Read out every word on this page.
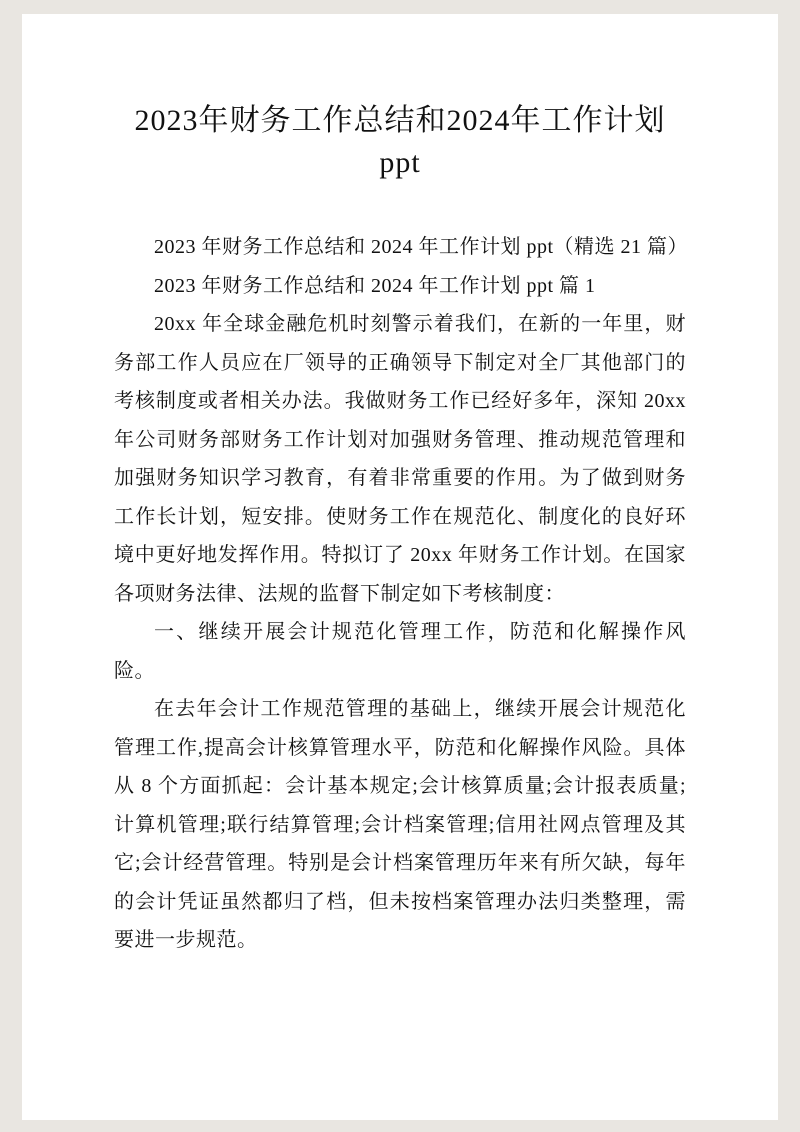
2023年财务工作总结和2024年工作计划
ppt

2023 年财务工作总结和 2024 年工作计划 ppt（精选 21 篇）

2023 年财务工作总结和 2024 年工作计划 ppt 篇 1

20xx 年全球金融危机时刻警示着我们，在新的一年里，财务部工作人员应在厂领导的正确领导下制定对全厂其他部门的考核制度或者相关办法。我做财务工作已经好多年，深知 20xx 年公司财务部财务工作计划对加强财务管理、推动规范管理和加强财务知识学习教育，有着非常重要的作用。为了做到财务工作长计划，短安排。使财务工作在规范化、制度化的良好环境中更好地发挥作用。特拟订了 20xx 年财务工作计划。在国家各项财务法律、法规的监督下制定如下考核制度：

一、继续开展会计规范化管理工作，防范和化解操作风险。

在去年会计工作规范管理的基础上，继续开展会计规范化管理工作,提高会计核算管理水平，防范和化解操作风险。具体从 8 个方面抓起：会计基本规定;会计核算质量;会计报表质量;计算机管理;联行结算管理;会计档案管理;信用社网点管理及其它;会计经营管理。特别是会计档案管理历年来有所欠缺，每年的会计凭证虽然都归了档，但未按档案管理办法归类整理，需要进一步规范。
